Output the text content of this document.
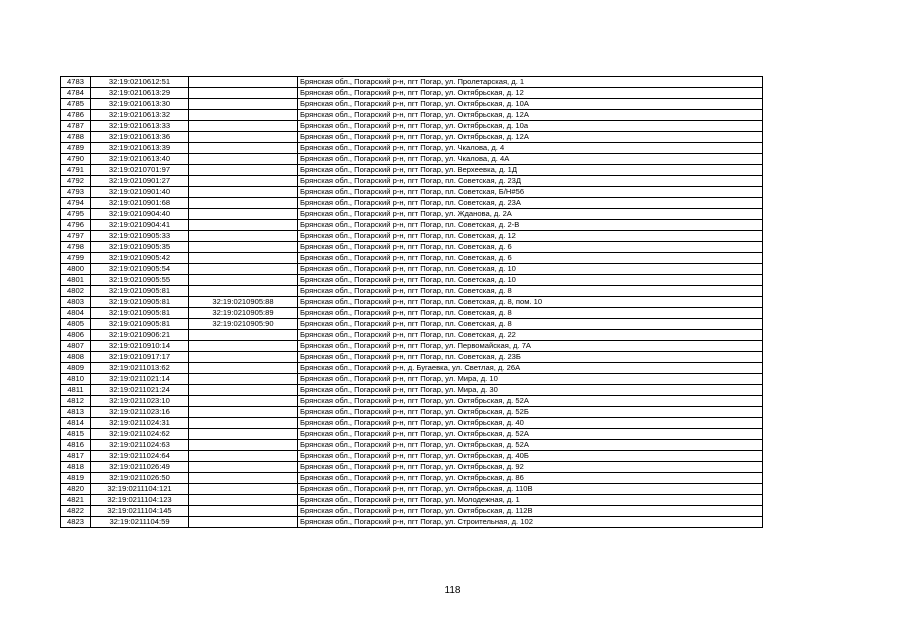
4783	32:19:0210612:51		Брянская обл., Погарский р-н, пгт Погар, ул. Пролетарская, д. 1
4784	32:19:0210613:29		Брянская обл., Погарский р-н, пгт Погар, ул. Октябрьская, д. 12
4785	32:19:0210613:30		Брянская обл., Погарский р-н, пгт Погар, ул. Октябрьская, д. 10А
4786	32:19:0210613:32		Брянская обл., Погарский р-н, пгт Погар, ул. Октябрьская, д. 12А
4787	32:19:0210613:33		Брянская обл., Погарский р-н, пгт Погар, ул. Октябрьская, д. 10а
4788	32:19:0210613:36		Брянская обл., Погарский р-н, пгт Погар, ул. Октябрьская, д. 12А
4789	32:19:0210613:39		Брянская обл., Погарский р-н, пгт Погар, ул. Чкалова, д. 4
4790	32:19:0210613:40		Брянская обл., Погарский р-н, пгт Погар, ул. Чкалова, д. 4А
4791	32:19:0210701:97		Брянская обл., Погарский р-н, пгт Погар, ул. Верхеевка, д. 1Д
4792	32:19:0210901:27		Брянская обл., Погарский р-н, пгт Погар, пл. Советская, д. 23Д
4793	32:19:0210901:40		Брянская обл., Погарский р-н, пгт Погар, пл. Советская, Б/Н#56
4794	32:19:0210901:68		Брянская обл., Погарский р-н, пгт Погар, пл. Советская, д. 23А
4795	32:19:0210904:40		Брянская обл., Погарский р-н, пгт Погар, ул. Жданова, д. 2А
4796	32:19:0210904:41		Брянская обл., Погарский р-н, пгт Погар, пл. Советская, д. 2-В
4797	32:19:0210905:33		Брянская обл., Погарский р-н, пгт Погар, пл. Советская, д. 12
4798	32:19:0210905:35		Брянская обл., Погарский р-н, пгт Погар, пл. Советская, д. 6
4799	32:19:0210905:42		Брянская обл., Погарский р-н, пгт Погар, пл. Советская, д. 6
4800	32:19:0210905:54		Брянская обл., Погарский р-н, пгт Погар, пл. Советская, д. 10
4801	32:19:0210905:55		Брянская обл., Погарский р-н, пгт Погар, пл. Советская, д. 10
4802	32:19:0210905:81		Брянская обл., Погарский р-н, пгт Погар, пл. Советская, д. 8
4803	32:19:0210905:81	32:19:0210905:88	Брянская обл., Погарский р-н, пгт Погар, пл. Советская, д. 8, пом. 10
4804	32:19:0210905:81	32:19:0210905:89	Брянская обл., Погарский р-н, пгт Погар, пл. Советская, д. 8
4805	32:19:0210905:81	32:19:0210905:90	Брянская обл., Погарский р-н, пгт Погар, пл. Советская, д. 8
4806	32:19:0210906:21		Брянская обл., Погарский р-н, пгт Погар, пл. Советская, д. 22
4807	32:19:0210910:14		Брянская обл., Погарский р-н, пгт Погар, ул. Первомайская, д. 7А
4808	32:19:0210917:17		Брянская обл., Погарский р-н, пгт Погар, пл. Советская, д. 23Б
4809	32:19:0211013:62		Брянская обл., Погарский р-н, д. Бугаевка, ул. Светлая, д. 26А
4810	32:19:0211021:14		Брянская обл., Погарский р-н, пгт Погар, ул. Мира, д. 10
4811	32:19:0211021:24		Брянская обл., Погарский р-н, пгт Погар, ул. Мира, д. 30
4812	32:19:0211023:10		Брянская обл., Погарский р-н, пгт Погар, ул. Октябрьская, д. 52А
4813	32:19:0211023:16		Брянская обл., Погарский р-н, пгт Погар, ул. Октябрьская, д. 52Б
4814	32:19:0211024:31		Брянская обл., Погарский р-н, пгт Погар, ул. Октябрьская, д. 40
4815	32:19:0211024:62		Брянская обл., Погарский р-н, пгт Погар, ул. Октябрьская, д. 52А
4816	32:19:0211024:63		Брянская обл., Погарский р-н, пгт Погар, ул. Октябрьская, д. 52А
4817	32:19:0211024:64		Брянская обл., Погарский р-н, пгт Погар, ул. Октябрьская, д. 40Б
4818	32:19:0211026:49		Брянская обл., Погарский р-н, пгт Погар, ул. Октябрьская, д. 92
4819	32:19:0211026:50		Брянская обл., Погарский р-н, пгт Погар, ул. Октябрьская, д. 86
4820	32:19:0211104:121		Брянская обл., Погарский р-н, пгт Погар, ул. Октябрьская, д. 110В
4821	32:19:0211104:123		Брянская обл., Погарский р-н, пгт Погар, ул. Молодежная, д. 1
4822	32:19:0211104:145		Брянская обл., Погарский р-н, пгт Погар, ул. Октябрьская, д. 112В
4823	32:19:0211104:59		Брянская обл., Погарский р-н, пгт Погар, ул. Строительная, д. 102
118
